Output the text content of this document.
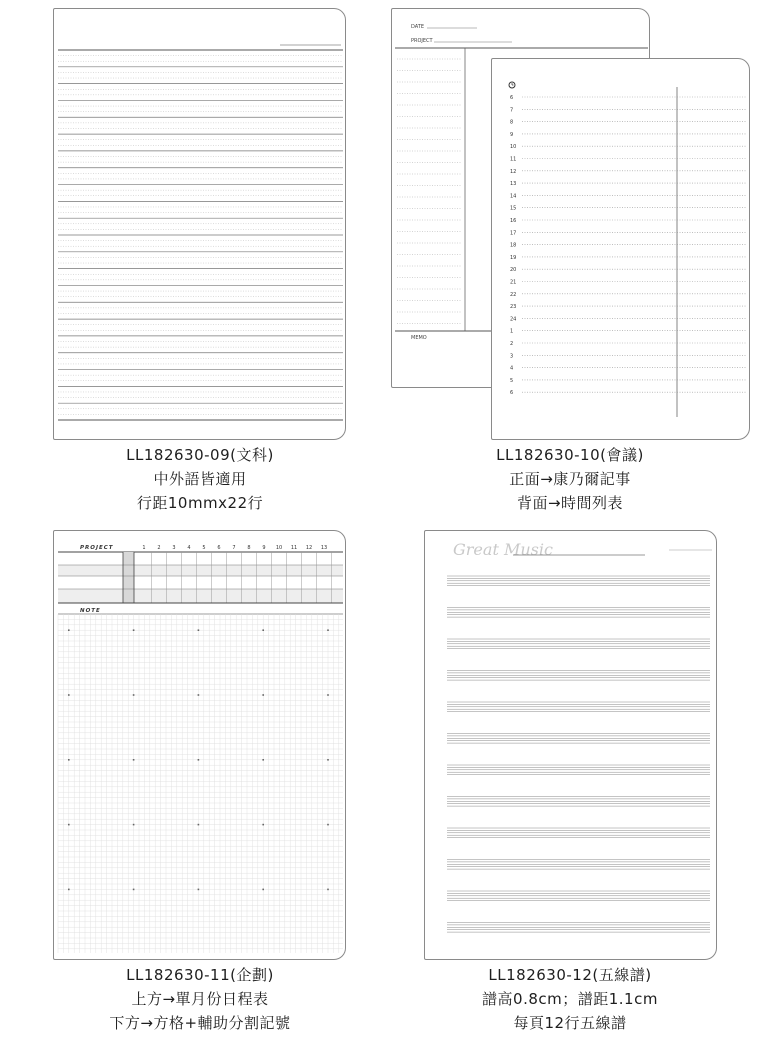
LL182630-09(文科)
中外語皆適用
行距10mmx22行
DATE
PROJECT
MEMO
6
7
8
9
10
11
12
13
14
15
16
17
18
19
20
21
22
23
24
1
2
3
4
5
6
LL182630-10(會議)
正面→康乃爾記事
背面→時間列表
PROJECT	1 2 3 4 5 6 7 8 9 10 11 12 13
NOTE
LL182630-11(企劃)
上方→單月份日程表
下方→方格+輔助分割記號
Great Music
LL182630-12(五線譜)
譜高0.8cm；譜距1.1cm
每頁12行五線譜
